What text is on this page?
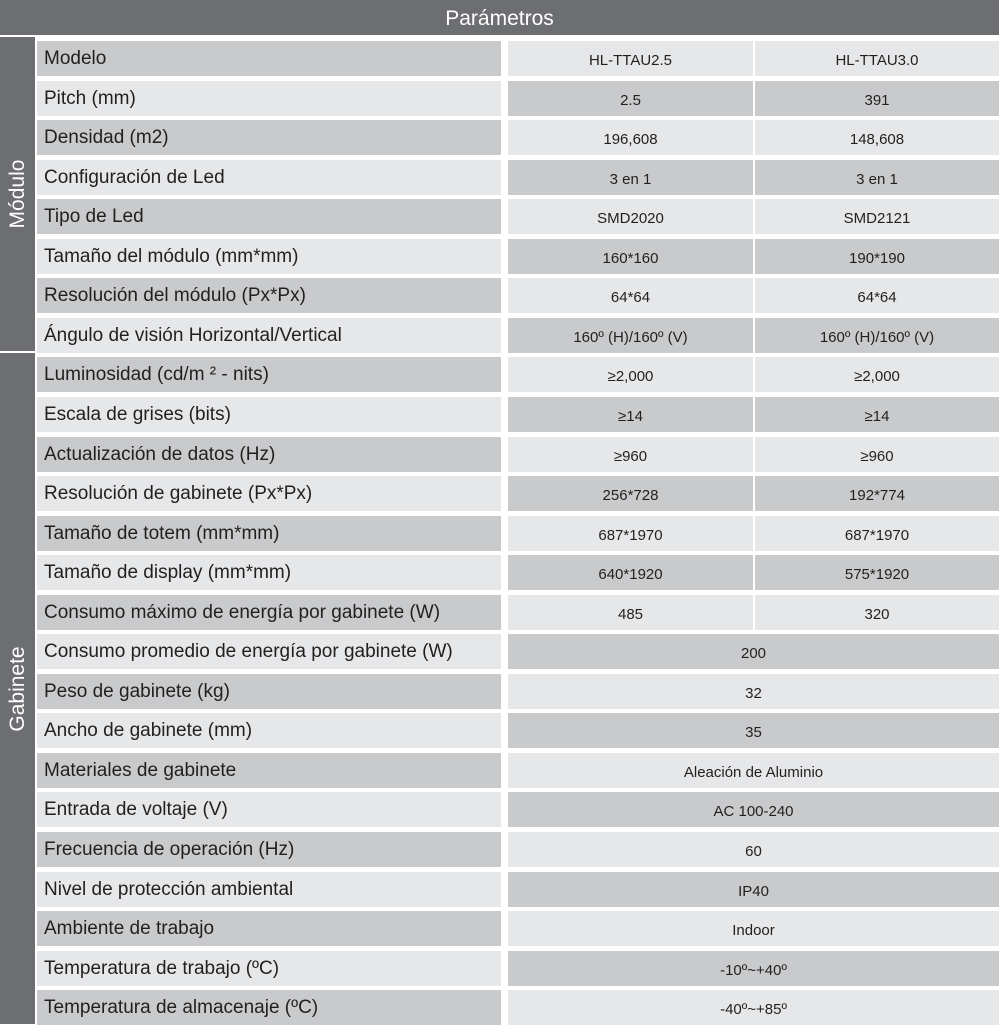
Parámetros
Módulo
Gabinete
Modelo	HL-TTAU2.5	HL-TTAU3.0
Pitch (mm)	2.5	391
Densidad (m2)	196,608	148,608
Configuración de Led	3 en 1	3 en 1
Tipo de Led	SMD2020	SMD2121
Tamaño del módulo (mm*mm)	160*160	190*190
Resolución del módulo (Px*Px)	64*64	64*64
Ángulo de visión Horizontal/Vertical	160º (H)/160º (V)	160º (H)/160º (V)
Luminosidad (cd/m ² - nits)	≥2,000	≥2,000
Escala de grises (bits)	≥14	≥14
Actualización de datos (Hz)	≥960	≥960
Resolución de gabinete (Px*Px)	256*728	192*774
Tamaño de totem (mm*mm)	687*1970	687*1970
Tamaño de display (mm*mm)	640*1920	575*1920
Consumo máximo de energía por gabinete (W)	485	320
Consumo promedio de energía por gabinete (W)	200
Peso de gabinete (kg)	32
Ancho de gabinete (mm)	35
Materiales de gabinete	Aleación de Aluminio
Entrada de voltaje (V)	AC 100-240
Frecuencia de operación (Hz)	60
Nivel de protección ambiental	IP40
Ambiente de trabajo	Indoor
Temperatura de trabajo (ºC)	-10º~+40º
Temperatura de almacenaje (ºC)	-40º~+85º
